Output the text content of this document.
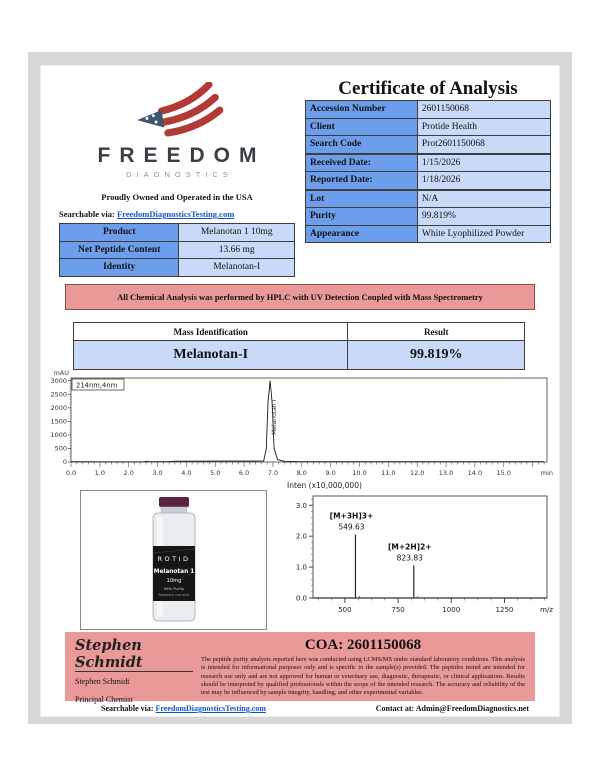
FREEDOM
DIAGNOSTICS
Proudly Owned and Operated in the USA
Searchable via: FreedomDiagnosticsTesting.com
Product	Melanotan 1 10mg
Net Peptide Content	13.66 mg
Identity	Melanotan-I
Certificate of Analysis
Accession Number	2601150068
Client	Protide Health
Search Code	Prot2601150068
Received Date:	1/15/2026
Reported Date:	1/18/2026
Lot	N/A
Purity	99.819%
Appearance	White Lyophilized Powder
All Chemical Analysis was performed by HPLC with UV Detection Coupled with Mass Spectrometry
Mass Identification	Result
Melanotan-I	99.819%
mAU
0
500
1000
1500
2000
2500
3000
0.0	1.0	2.0	3.0	4.0	5.0	6.0	7.0	8.0	9.0	10.0 11.0 12.0 13.0 14.0 15.0	min
Melanotan I
214nm,4nm
ROTID
Melanotan 1
10mg
99% Purity
Research use only
Inten (x10,000,000)
0.0
1.0
2.0
3.0
500	750	1000	1250	m/z
[M+3H]3+
549.63
[M+2H]2+
823.83
Stephen Schmidt
Stephen Schmidt
Principal Chemist
COA: 2601150068
The peptide purity analysis reported here was conducted using LCMS/MS under standard laboratory conditions. This analysis is intended for informational purposes only and is specific to the sample(s) provided. The peptides tested are intended for research use only and are not approved for human or veterinary use, diagnostic, therapeutic, or clinical applications. Results should be interpreted by qualified professionals within the scope of the intended research. The accuracy and reliability of the test may be influenced by sample integrity, handling, and other experimental variables.
Searchable via: FreedomDiagnosticsTesting.com	Contact at: Admin@FreedomDiagnostics.net
